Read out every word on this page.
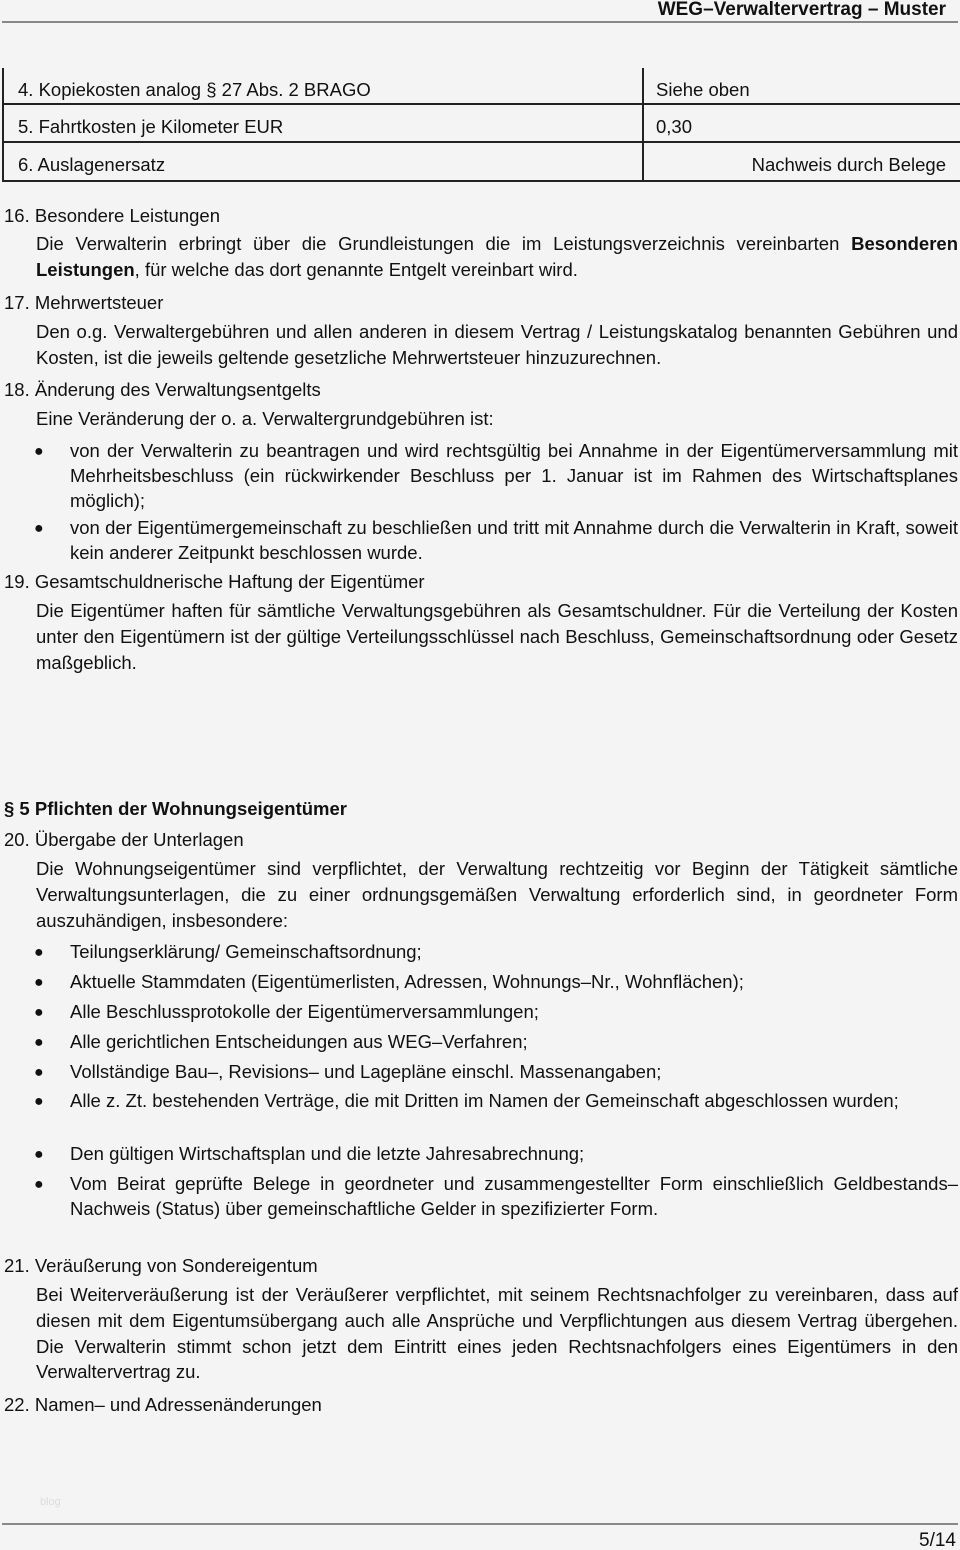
WEG–Verwaltervertrag – Muster
4. Kopiekosten analog § 27 Abs. 2 BRAGO	Siehe oben
5. Fahrtkosten je Kilometer EUR	0,30
6. Auslagenersatz	Nachweis durch Belege
16. Besondere Leistungen
Die Verwalterin erbringt über die Grundleistungen die im Leistungsverzeichnis vereinbarten Besonderen Leistungen, für welche das dort genannte Entgelt vereinbart wird.
17. Mehrwertsteuer
Den o.g. Verwaltergebühren und allen anderen in diesem Vertrag / Leistungskatalog benannten Gebühren und Kosten, ist die jeweils geltende gesetzliche Mehrwertsteuer hinzuzurechnen.
18. Änderung des Verwaltungsentgelts
Eine Veränderung der o. a. Verwaltergrundgebühren ist:
● von der Verwalterin zu beantragen und wird rechtsgültig bei Annahme in der Eigentümerversammlung mit Mehrheitsbeschluss (ein rückwirkender Beschluss per 1. Januar ist im Rahmen des Wirtschaftsplanes möglich);
● von der Eigentümergemeinschaft zu beschließen und tritt mit Annahme durch die Verwalterin in Kraft, soweit kein anderer Zeitpunkt beschlossen wurde.
19. Gesamtschuldnerische Haftung der Eigentümer
Die Eigentümer haften für sämtliche Verwaltungsgebühren als Gesamtschuldner. Für die Verteilung der Kosten unter den Eigentümern ist der gültige Verteilungsschlüssel nach Beschluss, Gemeinschaftsordnung oder Gesetz maßgeblich.
§ 5 Pflichten der Wohnungseigentümer
20. Übergabe der Unterlagen
Die Wohnungseigentümer sind verpflichtet, der Verwaltung rechtzeitig vor Beginn der Tätigkeit sämtliche Verwaltungsunterlagen, die zu einer ordnungsgemäßen Verwaltung erforderlich sind, in geordneter Form auszuhändigen, insbesondere:
● Teilungserklärung/ Gemeinschaftsordnung;
● Aktuelle Stammdaten (Eigentümerlisten, Adressen, Wohnungs–Nr., Wohnflächen);
● Alle Beschlussprotokolle der Eigentümerversammlungen;
● Alle gerichtlichen Entscheidungen aus WEG–Verfahren;
● Vollständige Bau–, Revisions– und Lagepläne einschl. Massenangaben;
● Alle z. Zt. bestehenden Verträge, die mit Dritten im Namen der Gemeinschaft abgeschlossen wurden;
● Den gültigen Wirtschaftsplan und die letzte Jahresabrechnung;
● Vom Beirat geprüfte Belege in geordneter und zusammengestellter Form einschließlich Geldbestands–Nachweis (Status) über gemeinschaftliche Gelder in spezifizierter Form.
21. Veräußerung von Sondereigentum
Bei Weiterveräußerung ist der Veräußerer verpflichtet, mit seinem Rechtsnachfolger zu vereinbaren, dass auf diesen mit dem Eigentumsübergang auch alle Ansprüche und Verpflichtungen aus diesem Vertrag übergehen. Die Verwalterin stimmt schon jetzt dem Eintritt eines jeden Rechtsnachfolgers eines Eigentümers in den Verwaltervertrag zu.
22. Namen– und Adressenänderungen
blog
5/14
